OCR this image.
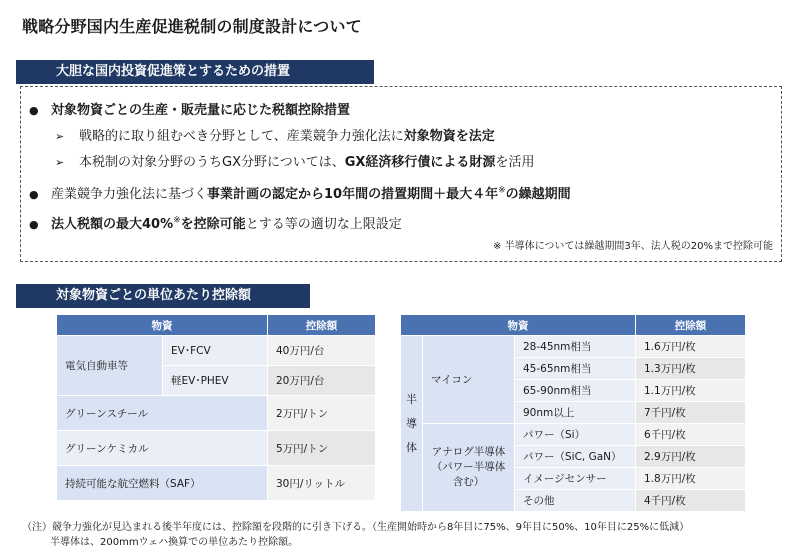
戦略分野国内生産促進税制の制度設計について
大胆な国内投資促進策とするための措置
● 対象物資ごとの生産・販売量に応じた税額控除措置
➢ 戦略的に取り組むべき分野として、産業競争力強化法に対象物資を法定
➢ 本税制の対象分野のうちGX分野については、GX経済移行債による財源を活用
● 産業競争力強化法に基づく事業計画の認定から10年間の措置期間＋最大４年※の繰越期間
● 法人税額の最大40%※を控除可能とする等の適切な上限設定
※ 半導体については繰越期間3年、法人税の20%まで控除可能
対象物資ごとの単位あたり控除額
物資		控除額
電気自動車等	EV･FCV	40万円/台
	軽EV･PHEV	20万円/台
グリーンスチール		2万円/トン
グリーンケミカル		5万円/トン
持続可能な航空燃料（SAF）		30円/リットル
物資			控除額

半
導
体	マイコン	28-45nm相当	1.6万円/枚
		45-65nm相当	1.3万円/枚
		65-90nm相当	1.1万円/枚
		90nm以上	7千円/枚
	アナログ半導体（パワー半導体含む）	パワー（Si）	6千円/枚
		パワー（SiC, GaN）	2.9万円/枚
		イメージセンサー	1.8万円/枚
		その他	4千円/枚
（注）競争力強化が見込まれる後半年度には、控除額を段階的に引き下げる。（生産開始時から8年目に75%、9年目に50%、10年目に25%に低減）
半導体は、200mmウェハ換算での単位あたり控除額。
